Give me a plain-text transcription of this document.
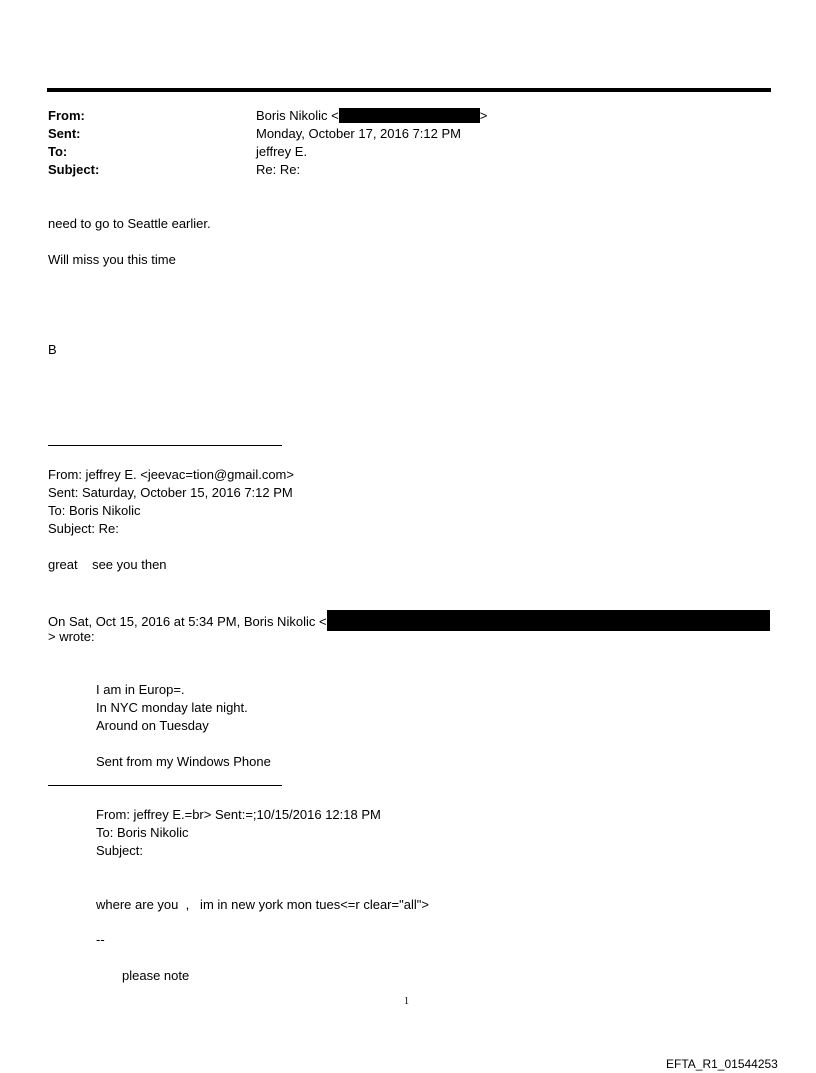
From:	Boris Nikolic <	>
Sent:	Monday, October 17, 2016 7:12 PM
To:	jeffrey E.
Subject:	Re: Re:
need to go to Seattle earlier.
Will miss you this time
B
From: jeffrey E. <jeevac=tion@gmail.com>
Sent: Saturday, October 15, 2016 7:12 PM
To: Boris Nikolic
Subject: Re:
great    see you then
On Sat, Oct 15, 2016 at 5:34 PM, Boris Nikolic <
> wrote:
I am in Europ=.
In NYC monday late night.
Around on Tuesday
Sent from my Windows Phone
From: jeffrey E.=br> Sent:=;10/15/2016 12:18 PM
To: Boris Nikolic
Subject:
where are you  ,   im in new york mon tues<=r clear="all">
--
please note
1
EFTA_R1_01544253
